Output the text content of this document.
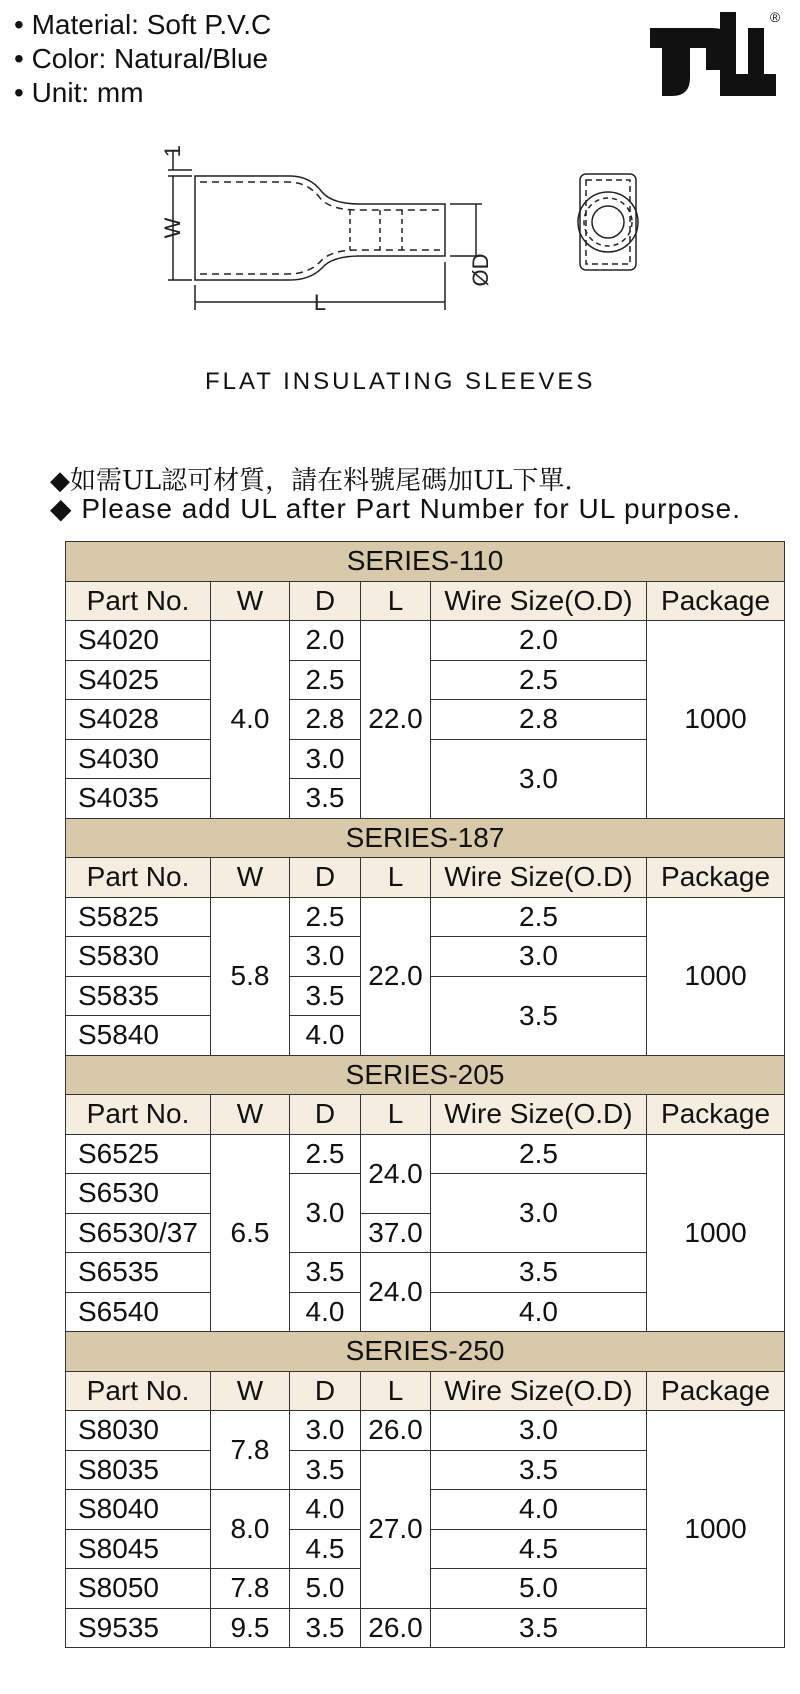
• Material: Soft P.V.C
• Color: Natural/Blue
• Unit: mm
®
1
W
L
ØD
FLAT INSULATING SLEEVES
◆如需UL認可材質，請在料號尾碼加UL下單.
◆ Please add UL after Part Number for UL purpose.
SERIES-110					
Part No.	W	D	L	Wire Size(O.D)	Package
S4020	4.0	2.0	22.0	2.0	1000
S4025		2.5		2.5	
S4028		2.8		2.8	
S4030		3.0		3.0	
S4035		3.5			
SERIES-187					
Part No.	W	D	L	Wire Size(O.D)	Package
S5825	5.8	2.5	22.0	2.5	1000
S5830		3.0		3.0	
S5835		3.5		3.5	
S5840		4.0			
SERIES-205					
Part No.	W	D	L	Wire Size(O.D)	Package
S6525	6.5	2.5	24.0	2.5	1000
S6530		3.0		3.0	
S6530/37			37.0		
S6535		3.5	24.0	3.5	
S6540		4.0		4.0	
SERIES-250					
Part No.	W	D	L	Wire Size(O.D)	Package
S8030	7.8	3.0	26.0	3.0	1000
S8035		3.5	27.0	3.5	
S8040	8.0	4.0		4.0	
S8045		4.5		4.5	
S8050	7.8	5.0		5.0	
S9535	9.5	3.5	26.0	3.5	
